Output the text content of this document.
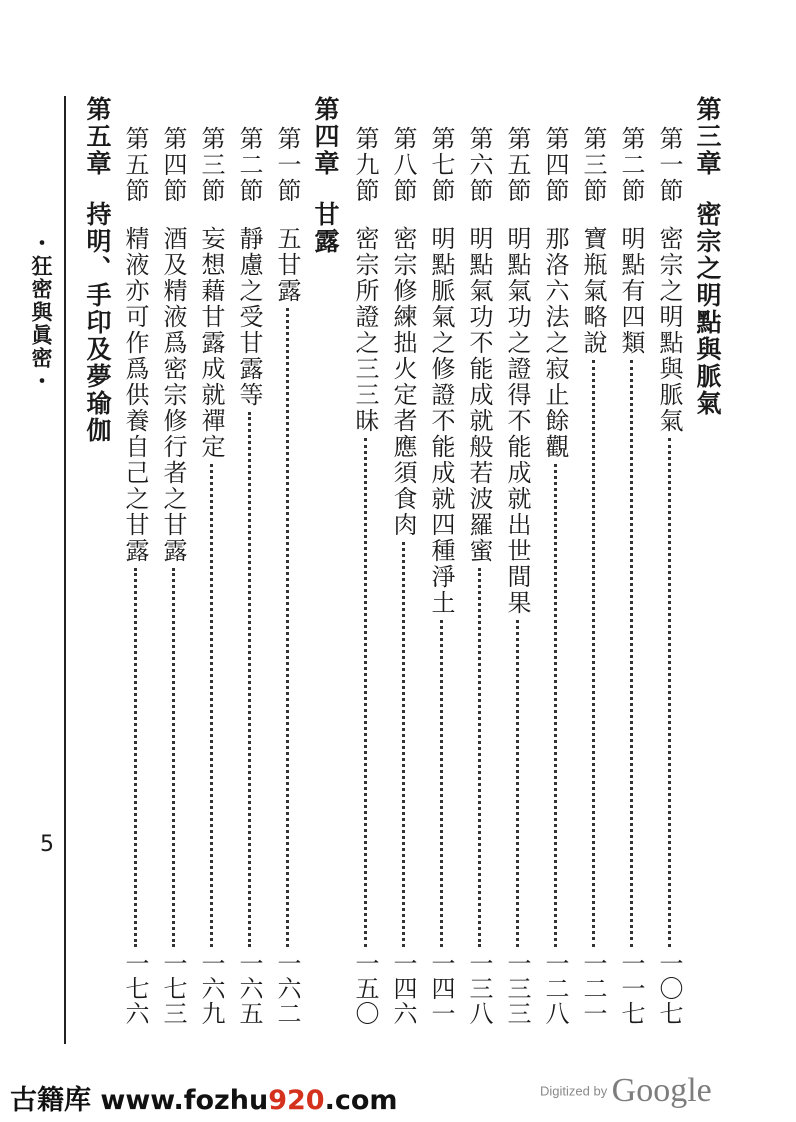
・狂密與眞密・
5
第三章
密宗之明點與脈氣
第一節
密宗之明點與脈氣
一〇七
第二節
明點有四類
一一七
第三節
寶瓶氣略說
一二一
第四節
那洛六法之寂止餘觀
一二八
第五節
明點氣功之證得不能成就出世間果
一三三
第六節
明點氣功不能成就般若波羅蜜
一三八
第七節
明點脈氣之修證不能成就四種淨土
一四一
第八節
密宗修練拙火定者應須食肉
一四六
第九節
密宗所證之三三昧
一五〇
第四章
甘露
第一節
五甘露
一六二
第二節
靜慮之受甘露等
一六五
第三節
妄想藉甘露成就禪定
一六九
第四節
酒及精液爲密宗修行者之甘露
一七三
第五節
精液亦可作爲供養自己之甘露
一七六
第五章
持明、手印及夢瑜伽
古籍库 www.fozhu920.com	Digitized by Google
